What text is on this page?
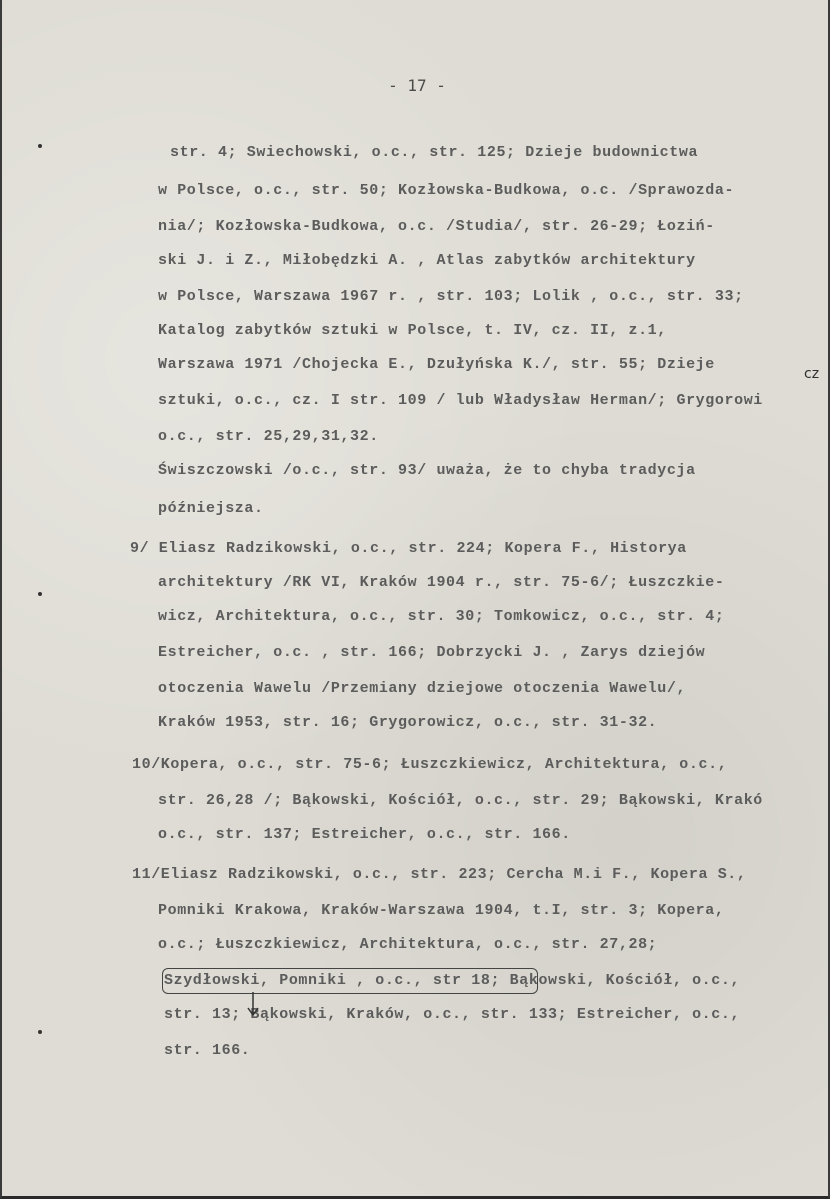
- 17 -
str. 4; Swiechowski, o.c., str. 125; Dzieje budownictwa
w Polsce, o.c., str. 50; Kozłowska-Budkowa, o.c. /Sprawozda-
nia/; Kozłowska-Budkowa, o.c. /Studia/, str. 26-29; Łoziń-
ski J. i Z., Miłobędzki A. , Atlas zabytków architektury
w Polsce, Warszawa 1967 r. , str. 103; Lolik , o.c., str. 33;
Katalog zabytków sztuki w Polsce, t. IV, cz. II, z.1,
Warszawa 1971 /Chojecka E., Dzułyńska K./, str. 55; Dzieje
sztuki, o.c., cz. I str. 109 / lub Władysław Herman/; Grygorowi
o.c., str. 25,29,31,32.
Świszczowski /o.c., str. 93/ uważa, że to chyba tradycja
późniejsza.
9/ Eliasz Radzikowski, o.c., str. 224; Kopera F., Historya
architektury /RK VI, Kraków 1904 r., str. 75-6/; Łuszczkie-
wicz, Architektura, o.c., str. 30; Tomkowicz, o.c., str. 4;
Estreicher, o.c. , str. 166; Dobrzycki J. , Zarys dziejów
otoczenia Wawelu /Przemiany dziejowe otoczenia Wawelu/,
Kraków 1953, str. 16; Grygorowicz, o.c., str. 31-32.
10/Kopera, o.c., str. 75-6; Łuszczkiewicz, Architektura, o.c.,
str. 26,28 /; Bąkowski, Kościół, o.c., str. 29; Bąkowski, Krakó
o.c., str. 137; Estreicher, o.c., str. 166.
11/Eliasz Radzikowski, o.c., str. 223; Cercha M.i F., Kopera S.,
Pomniki Krakowa, Kraków-Warszawa 1904, t.I, str. 3; Kopera,
o.c.; Łuszczkiewicz, Architektura, o.c., str. 27,28;
Szydłowski, Pomniki , o.c., str 18; Bąkowski, Kościół, o.c.,
str. 13; Bąkowski, Kraków, o.c., str. 133; Estreicher, o.c.,
str. 166.
cz
